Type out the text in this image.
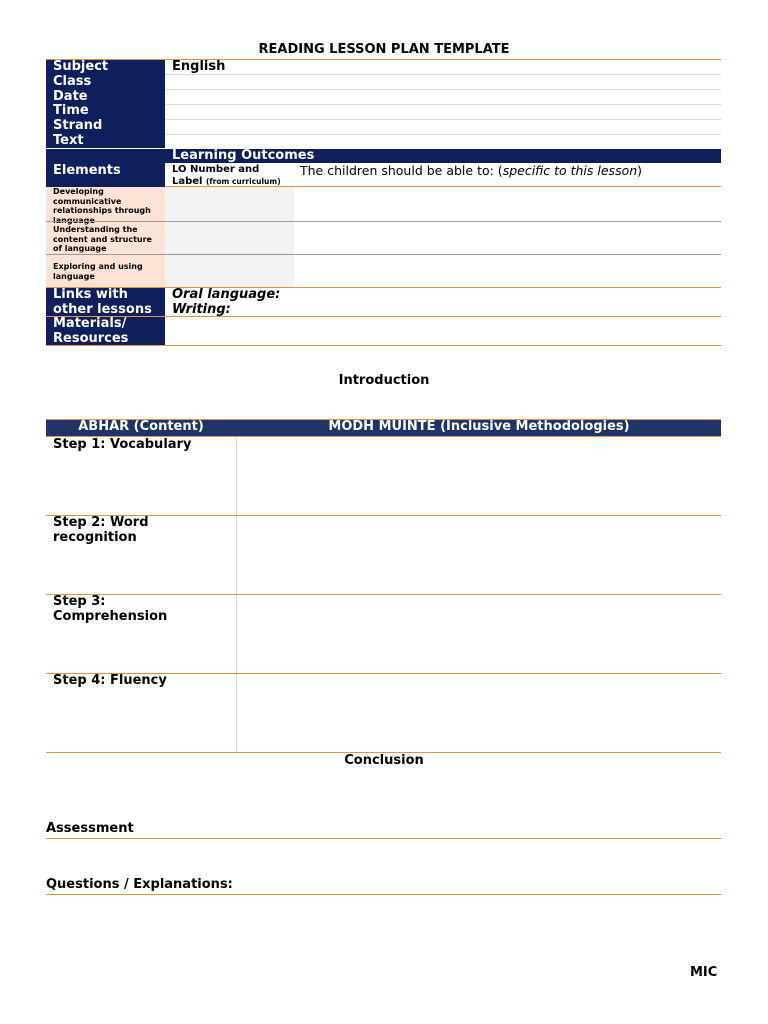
READING LESSON PLAN TEMPLATE
Subject
Class
Date
Time
Strand
Text
English
Learning Outcomes
Elements	LO Number and
Label (from curriculum)
The children should be able to: (specific to this lesson)
Developing communicative relationships through language
Understanding the content and structure of language
Exploring and using language
Links with
other lessons
Oral language:
Writing:
Materials/
Resources
Introduction
ÁBHAR (Content)	MODH MÚINTE (Inclusive Methodologies)
Step 1: Vocabulary
Step 2: Word
recognition
Step 3:
Comprehension
Step 4: Fluency
Conclusion
Assessment
Questions / Explanations:
MIC
